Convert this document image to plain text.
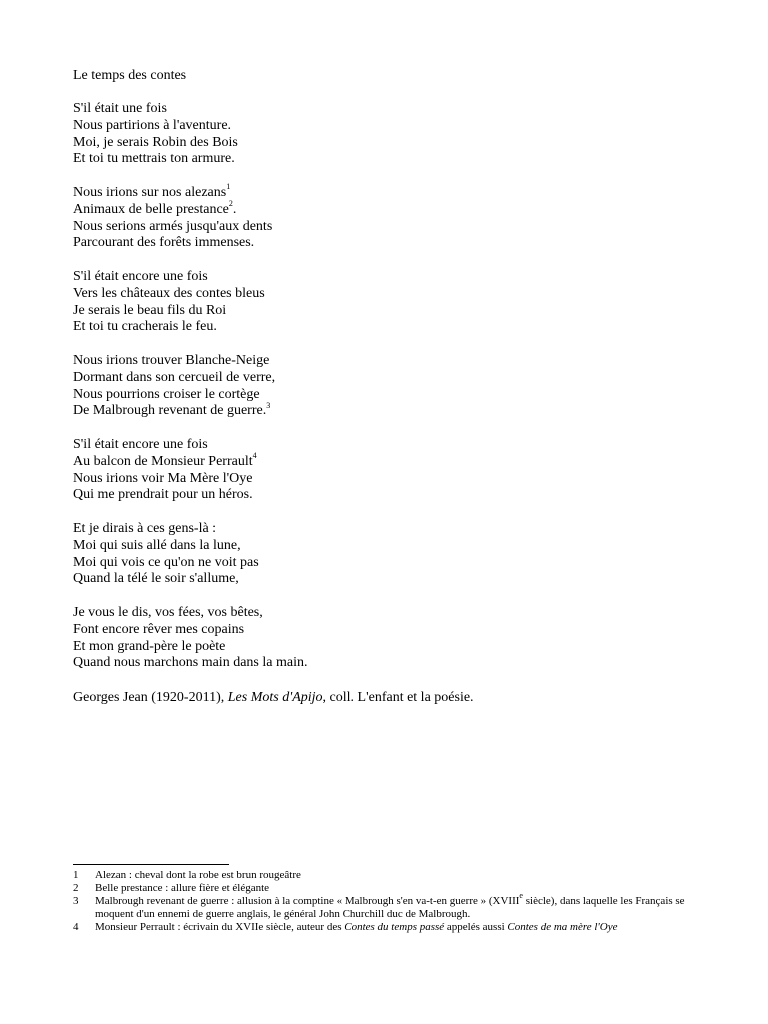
Le temps des contes
S'il était une fois
Nous partirions à l'aventure.
Moi, je serais Robin des Bois
Et toi tu mettrais ton armure.
Nous irions sur nos alezans$^1$
Animaux de belle prestance$^2$.
Nous serions armés jusqu'aux dents
Parcourant des forêts immenses.
S'il était encore une fois
Vers les châteaux des contes bleus
Je serais le beau fils du Roi
Et toi tu cracherais le feu.
Nous irions trouver Blanche-Neige
Dormant dans son cercueil de verre,
Nous pourrions croiser le cortège
De Malbrough revenant de guerre.$^3$
S'il était encore une fois
Au balcon de Monsieur Perrault$^4$
Nous irions voir Ma Mère l'Oye
Qui me prendrait pour un héros.
Et je dirais à ces gens-là :
Moi qui suis allé dans la lune,
Moi qui vois ce qu'on ne voit pas
Quand la télé le soir s'allume,
Je vous le dis, vos fées, vos bêtes,
Font encore rêver mes copains
Et mon grand-père le poète
Quand nous marchons main dans la main.
Georges Jean (1920-2011), Les Mots d'Apijo, coll. L'enfant et la poésie.
1	Alezan : cheval dont la robe est brun rougeâtre
2	Belle prestance : allure fière et élégante
3	Malbrough revenant de guerre : allusion à la comptine « Malbrough s'en va-t-en guerre » (XVIIIe siècle), dans laquelle les Français se moquent d'un ennemi de guerre anglais, le général John Churchill duc de Malbrough.
4	Monsieur Perrault : écrivain du XVIIe siècle, auteur des Contes du temps passé appelés aussi Contes de ma mère l'Oye
